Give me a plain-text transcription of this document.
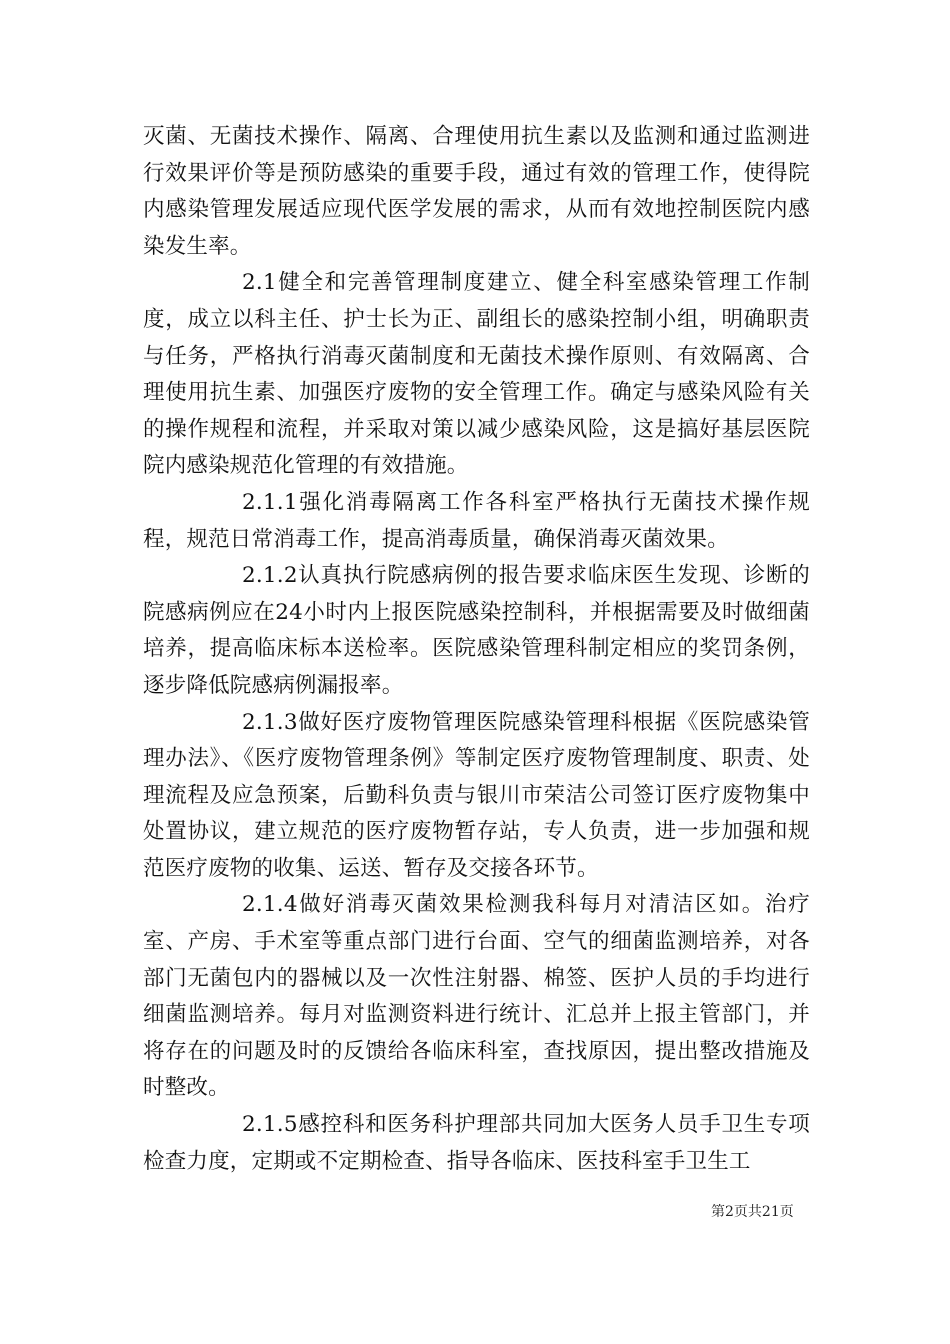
灭菌、无菌技术操作、隔离、合理使用抗生素以及监测和通过监测进行效果评价等是预防感染的重要手段，通过有效的管理工作，使得院内感染管理发展适应现代医学发展的需求，从而有效地控制医院内感染发生率。

2.1健全和完善管理制度建立、健全科室感染管理工作制度，成立以科主任、护士长为正、副组长的感染控制小组，明确职责与任务，严格执行消毒灭菌制度和无菌技术操作原则、有效隔离、合理使用抗生素、加强医疗废物的安全管理工作。确定与感染风险有关的操作规程和流程，并采取对策以减少感染风险，这是搞好基层医院院内感染规范化管理的有效措施。

2.1.1强化消毒隔离工作各科室严格执行无菌技术操作规程，规范日常消毒工作，提高消毒质量，确保消毒灭菌效果。

2.1.2认真执行院感病例的报告要求临床医生发现、诊断的院感病例应在24小时内上报医院感染控制科，并根据需要及时做细菌培养，提高临床标本送检率。医院感染管理科制定相应的奖罚条例，逐步降低院感病例漏报率。

2.1.3做好医疗废物管理医院感染管理科根据《医院感染管理办法》、《医疗废物管理条例》等制定医疗废物管理制度、职责、处理流程及应急预案，后勤科负责与银川市荣洁公司签订医疗废物集中处置协议，建立规范的医疗废物暂存站，专人负责，进一步加强和规范医疗废物的收集、运送、暂存及交接各环节。

2.1.4做好消毒灭菌效果检测我科每月对清洁区如。治疗室、产房、手术室等重点部门进行台面、空气的细菌监测培养，对各部门无菌包内的器械以及一次性注射器、棉签、医护人员的手均进行细菌监测培养。每月对监测资料进行统计、汇总并上报主管部门，并将存在的问题及时的反馈给各临床科室，查找原因，提出整改措施及时整改。

2.1.5感控科和医务科护理部共同加大医务人员手卫生专项检查力度，定期或不定期检查、指导各临床、医技科室手卫生工

第2页共21页
